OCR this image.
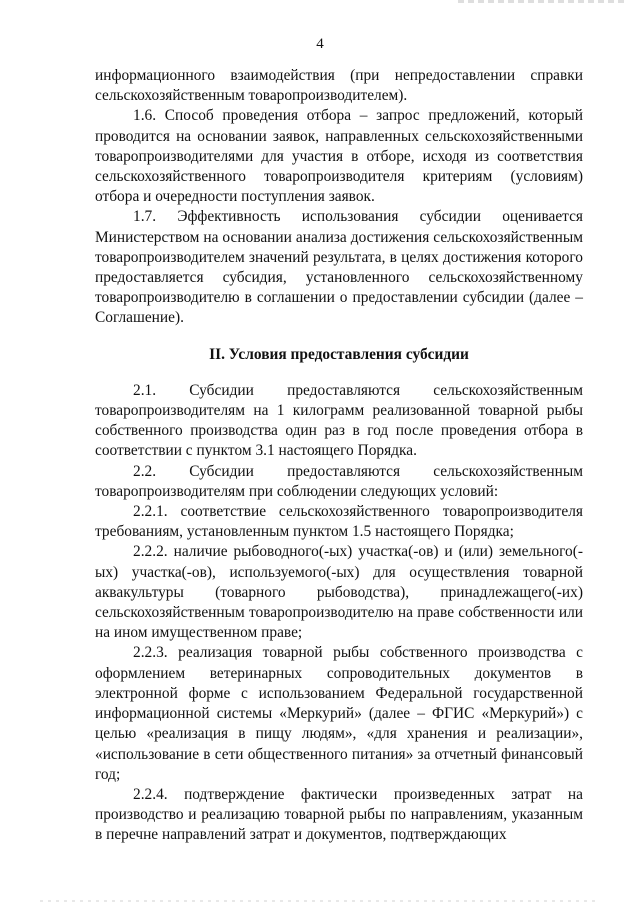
4

информационного взаимодействия (при непредоставлении справки сельскохозяйственным товаропроизводителем).

1.6. Способ проведения отбора – запрос предложений, который проводится на основании заявок, направленных сельскохозяйственными товаропроизводителями для участия в отборе, исходя из соответствия сельскохозяйственного товаропроизводителя критериям (условиям) отбора и очередности поступления заявок.

1.7. Эффективность использования субсидии оценивается Министерством на основании анализа достижения сельскохозяйственным товаропроизводителем значений результата, в целях достижения которого предоставляется субсидия, установленного сельскохозяйственному товаропроизводителю в соглашении о предоставлении субсидии (далее – Соглашение).

II. Условия предоставления субсидии

2.1. Субсидии предоставляются сельскохозяйственным товаропроизводителям на 1 килограмм реализованной товарной рыбы собственного производства один раз в год после проведения отбора в соответствии с пунктом 3.1 настоящего Порядка.

2.2. Субсидии предоставляются сельскохозяйственным товаропроизводителям при соблюдении следующих условий:

2.2.1. соответствие сельскохозяйственного товаропроизводителя требованиям, установленным пунктом 1.5 настоящего Порядка;

2.2.2. наличие рыбоводного(-ых) участка(-ов) и (или) земельного(-ых) участка(-ов), используемого(-ых) для осуществления товарной аквакультуры (товарного рыбоводства), принадлежащего(-их) сельскохозяйственным товаропроизводителю на праве собственности или на ином имущественном праве;

2.2.3. реализация товарной рыбы собственного производства с оформлением ветеринарных сопроводительных документов в электронной форме с использованием Федеральной государственной информационной системы «Меркурий» (далее – ФГИС «Меркурий») с целью «реализация в пищу людям», «для хранения и реализации», «использование в сети общественного питания» за отчетный финансовый год;

2.2.4. подтверждение фактически произведенных затрат на производство и реализацию товарной рыбы по направлениям, указанным в перечне направлений затрат и документов, подтверждающих
